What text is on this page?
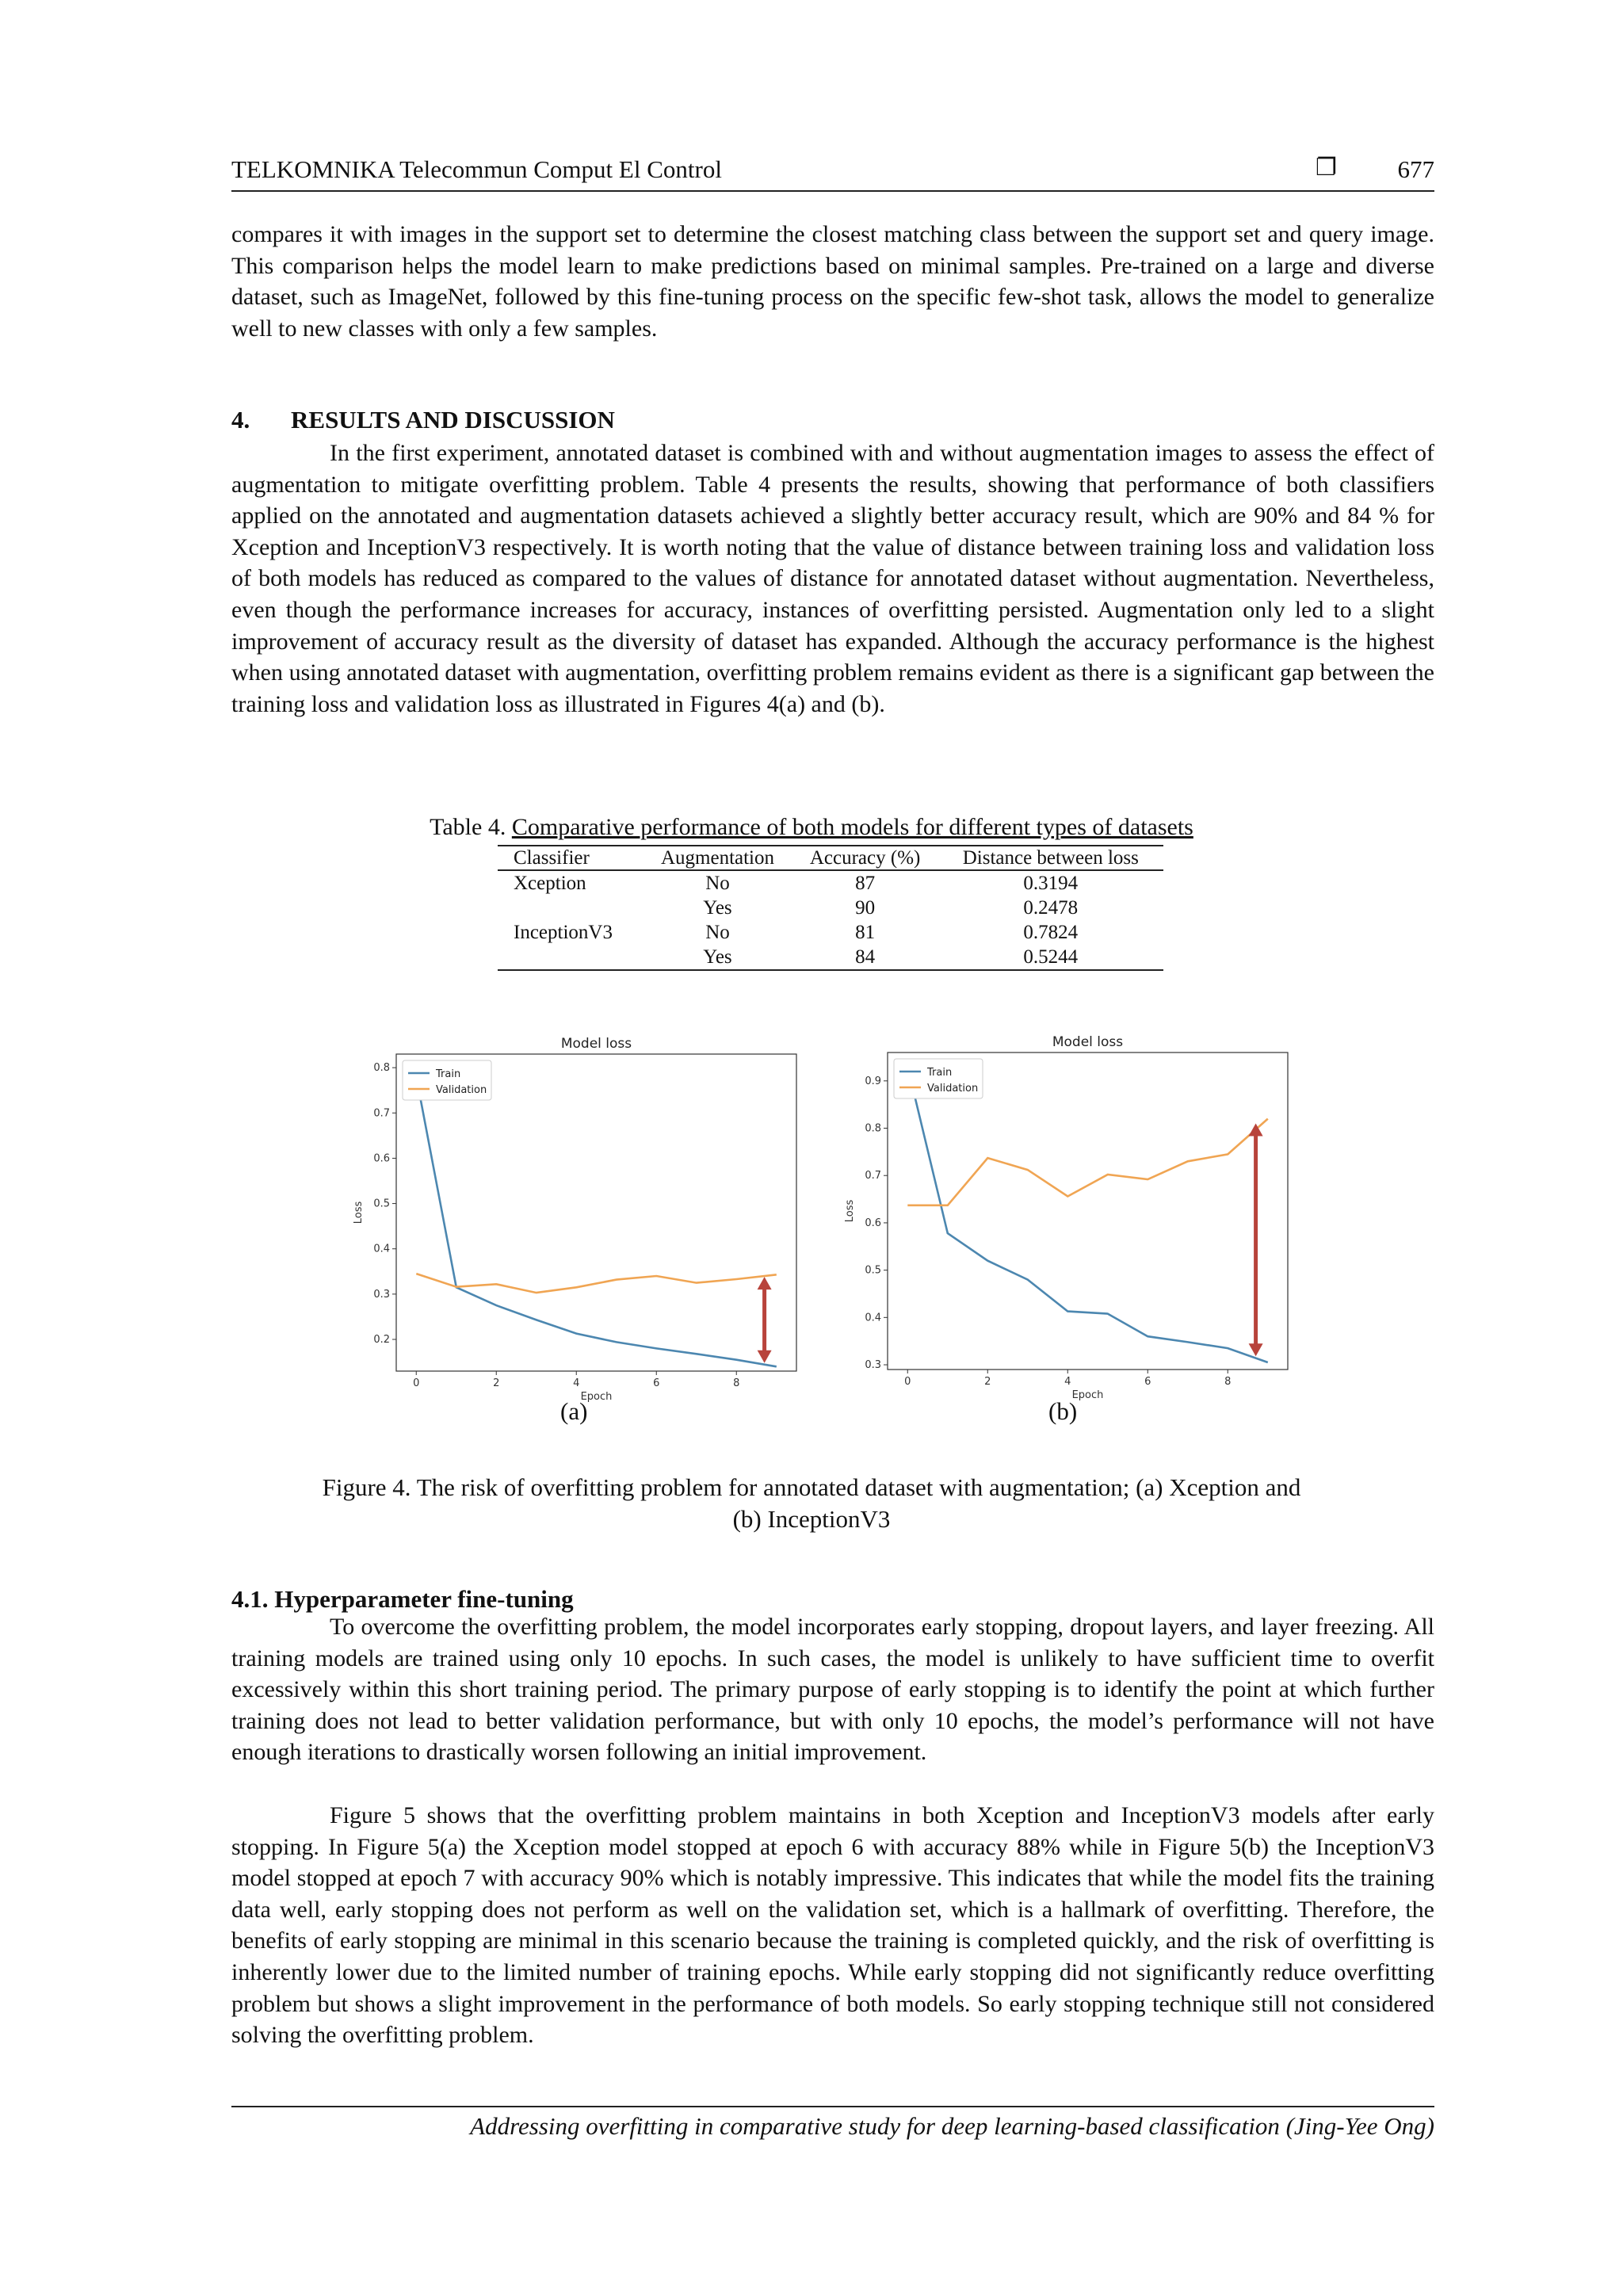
TELKOMNIKA Telecommun Comput El Control	❐ 677

compares it with images in the support set to determine the closest matching class between the support set and query image. This comparison helps the model learn to make predictions based on minimal samples. Pre-trained on a large and diverse dataset, such as ImageNet, followed by this fine-tuning process on the specific few-shot task, allows the model to generalize well to new classes with only a few samples.

4. RESULTS AND DISCUSSION

In the first experiment, annotated dataset is combined with and without augmentation images to assess the effect of augmentation to mitigate overfitting problem. Table 4 presents the results, showing that performance of both classifiers applied on the annotated and augmentation datasets achieved a slightly better accuracy result, which are 90% and 84 % for Xception and InceptionV3 respectively. It is worth noting that the value of distance between training loss and validation loss of both models has reduced as compared to the values of distance for annotated dataset without augmentation. Nevertheless, even though the performance increases for accuracy, instances of overfitting persisted. Augmentation only led to a slight improvement of accuracy result as the diversity of dataset has expanded. Although the accuracy performance is the highest when using annotated dataset with augmentation, overfitting problem remains evident as there is a significant gap between the training loss and validation loss as illustrated in Figures 4(a) and (b).

Table 4. Comparative performance of both models for different types of datasets
Classifier	Augmentation	Accuracy (%)	Distance between loss
Xception	No	87	0.3194
	Yes	90	0.2478
InceptionV3	No	81	0.7824
	Yes	84	0.5244
Model loss
0	2	4	6	8
0.2
0.3
0.4
0.5
0.6
0.7
0.8
Epoch
Loss
Train
Validation
Model loss
0	2	4	6	8
0.3
0.4
0.5
0.6
0.7
0.8
0.9
Epoch
Loss
Train
Validation
(a)	(b)
Figure 4. The risk of overfitting problem for annotated dataset with augmentation; (a) Xception and
(b) InceptionV3
4.1. Hyperparameter fine-tuning

To overcome the overfitting problem, the model incorporates early stopping, dropout layers, and layer freezing. All training models are trained using only 10 epochs. In such cases, the model is unlikely to have sufficient time to overfit excessively within this short training period. The primary purpose of early stopping is to identify the point at which further training does not lead to better validation performance, but with only 10 epochs, the model’s performance will not have enough iterations to drastically worsen following an initial improvement.

Figure 5 shows that the overfitting problem maintains in both Xception and InceptionV3 models after early stopping. In Figure 5(a) the Xception model stopped at epoch 6 with accuracy 88% while in Figure 5(b) the InceptionV3 model stopped at epoch 7 with accuracy 90% which is notably impressive. This indicates that while the model fits the training data well, early stopping does not perform as well on the validation set, which is a hallmark of overfitting. Therefore, the benefits of early stopping are minimal in this scenario because the training is completed quickly, and the risk of overfitting is inherently lower due to the limited number of training epochs. While early stopping did not significantly reduce overfitting problem but shows a slight improvement in the performance of both models. So early stopping technique still not considered solving the overfitting problem.

Addressing overfitting in comparative study for deep learning-based classification (Jing-Yee Ong)
